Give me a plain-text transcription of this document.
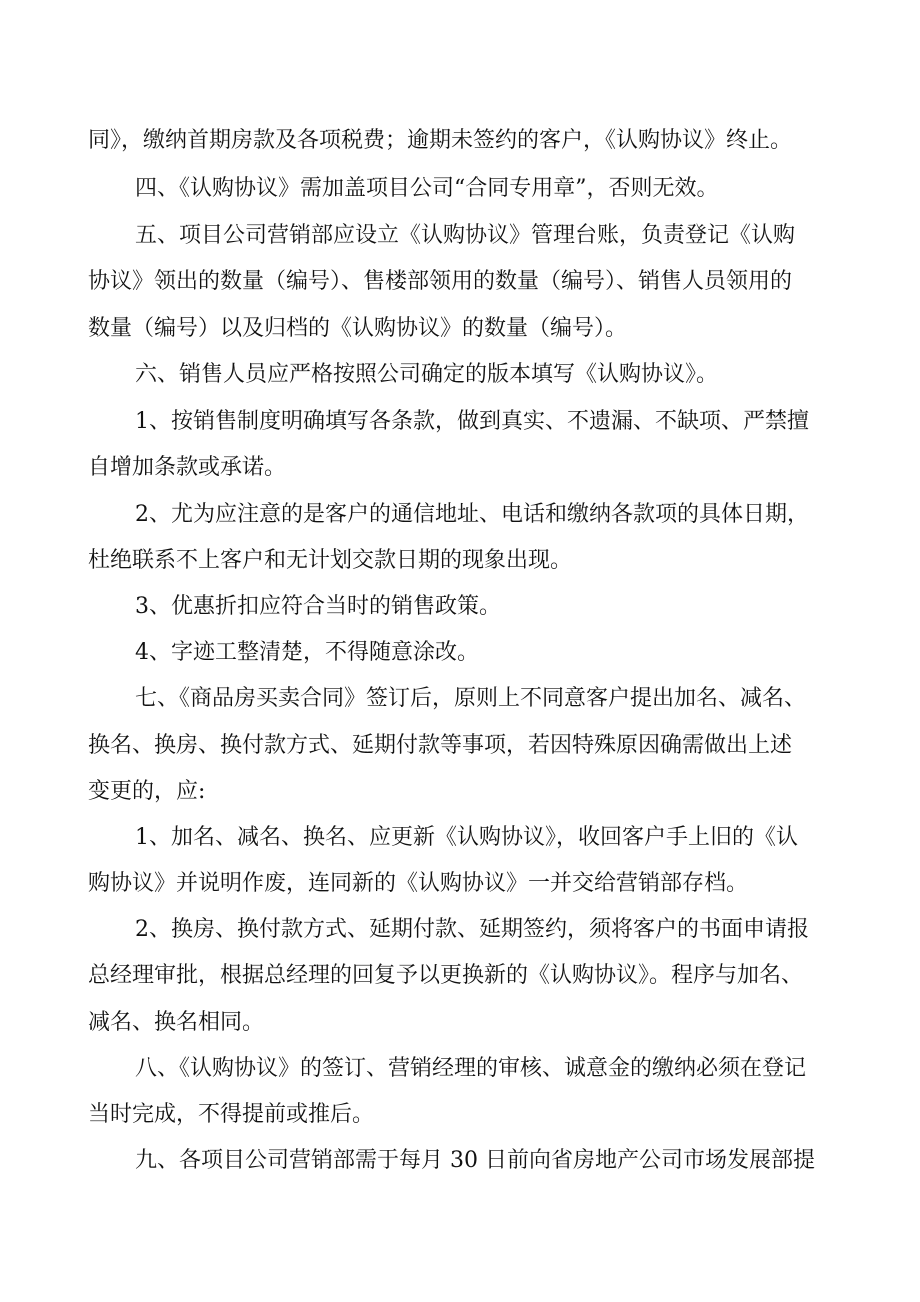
zixin.com.cn
同》，缴纳首期房款及各项税费；逾期未签约的客户，《认购协议》终止。
四、《认购协议》需加盖项目公司“合同专用章”，否则无效。
五、项目公司营销部应设立《认购协议》管理台账，负责登记《认购
协议》领出的数量（编号）、售楼部领用的数量（编号）、销售人员领用的
数量（编号）以及归档的《认购协议》的数量（编号）。
六、销售人员应严格按照公司确定的版本填写《认购协议》。
1、按销售制度明确填写各条款，做到真实、不遗漏、不缺项、严禁擅
自增加条款或承诺。
2、尤为应注意的是客户的通信地址、电话和缴纳各款项的具体日期，
杜绝联系不上客户和无计划交款日期的现象出现。
3、优惠折扣应符合当时的销售政策。
4、字迹工整清楚，不得随意涂改。
七、《商品房买卖合同》签订后，原则上不同意客户提出加名、减名、
换名、换房、换付款方式、延期付款等事项，若因特殊原因确需做出上述
变更的，应:
1、加名、减名、换名、应更新《认购协议》，收回客户手上旧的《认
购协议》并说明作废，连同新的《认购协议》一并交给营销部存档。
2、换房、换付款方式、延期付款、延期签约，须将客户的书面申请报
总经理审批，根据总经理的回复予以更换新的《认购协议》。程序与加名、
减名、换名相同。
八、《认购协议》的签订、营销经理的审核、诚意金的缴纳必须在登记
当时完成，不得提前或推后。
九、各项目公司营销部需于每月 30 日前向省房地产公司市场发展部提
